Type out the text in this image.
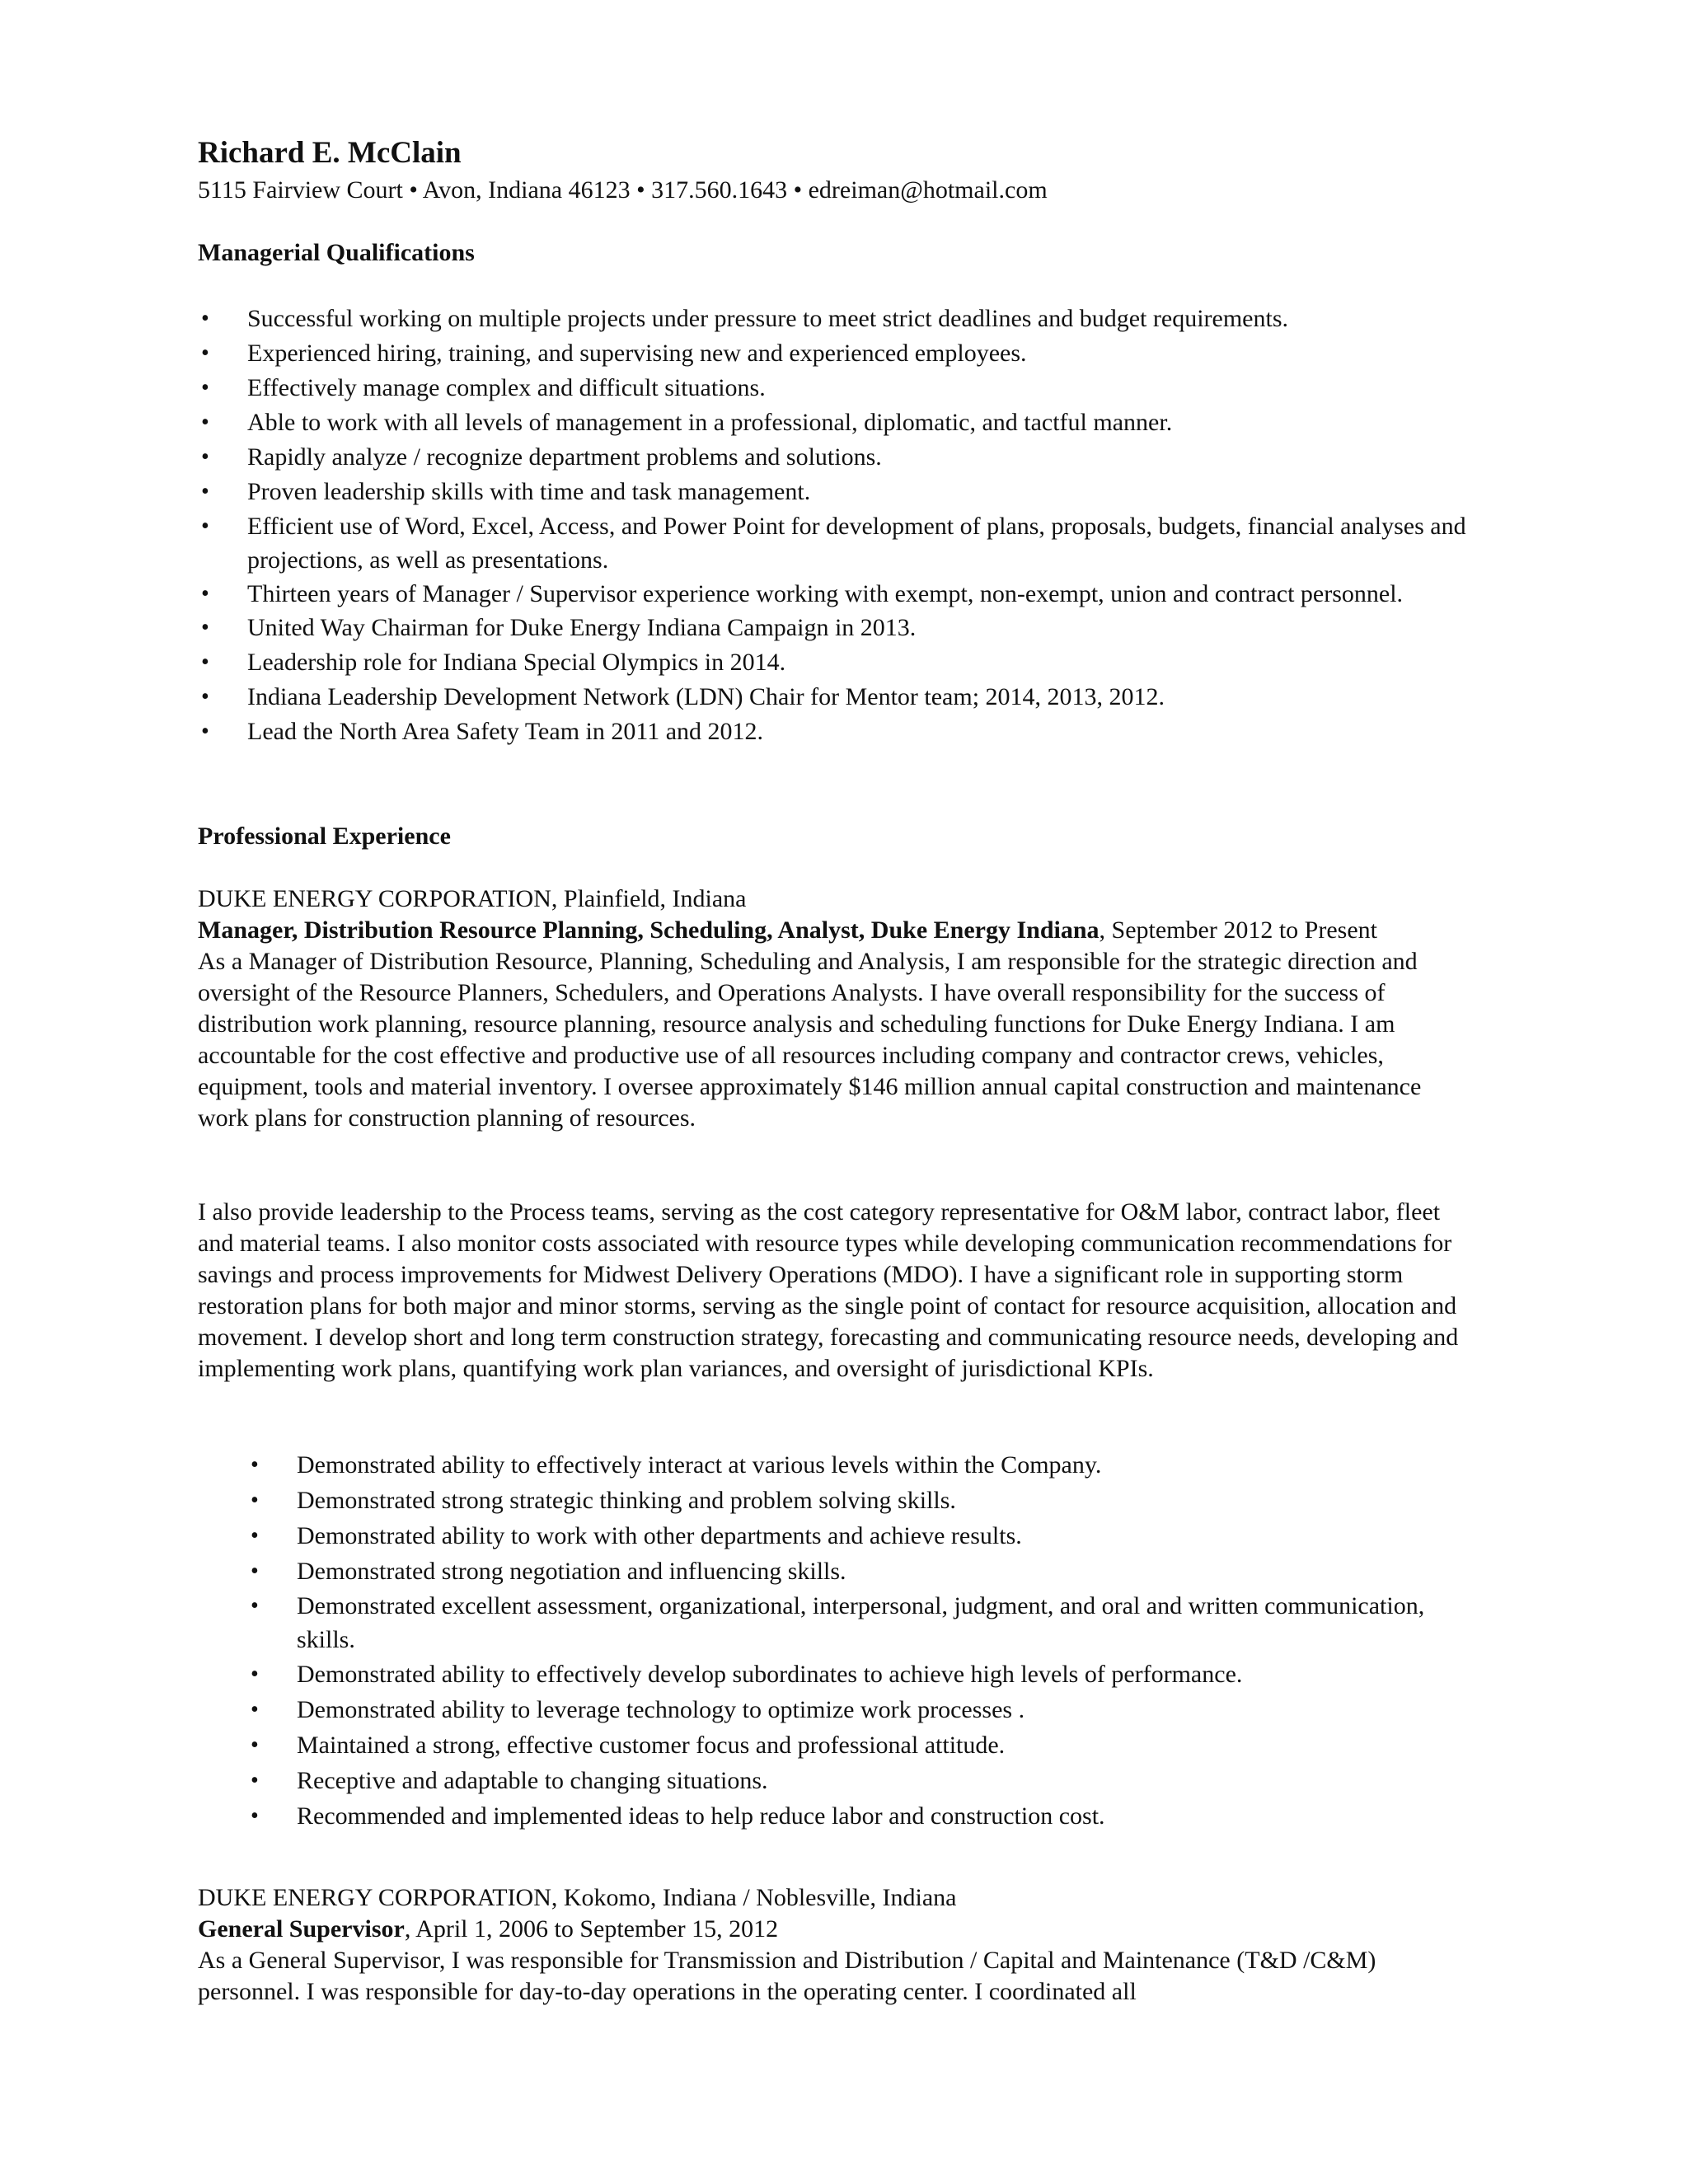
Richard E. McClain
5115 Fairview Court • Avon, Indiana 46123 • 317.560.1643 • edreiman@hotmail.com
Managerial Qualifications
• Successful working on multiple projects under pressure to meet strict deadlines and budget requirements.
• Experienced hiring, training, and supervising new and experienced employees.
• Effectively manage complex and difficult situations.
• Able to work with all levels of management in a professional, diplomatic, and tactful manner.
• Rapidly analyze / recognize department problems and solutions.
• Proven leadership skills with time and task management.
• Efficient use of Word, Excel, Access, and Power Point for development of plans, proposals, budgets, financial analyses and projections, as well as presentations.
• Thirteen years of Manager / Supervisor experience working with exempt, non-exempt, union and contract personnel.
• United Way Chairman for Duke Energy Indiana Campaign in 2013.
• Leadership role for Indiana Special Olympics in 2014.
• Indiana Leadership Development Network (LDN) Chair for Mentor team; 2014, 2013, 2012.
• Lead the North Area Safety Team in 2011 and 2012.
Professional Experience

DUKE ENERGY CORPORATION, Plainfield, Indiana

Manager, Distribution Resource Planning, Scheduling, Analyst, Duke Energy Indiana, September 2012 to Present

As a Manager of Distribution Resource, Planning, Scheduling and Analysis, I am responsible for the strategic direction and oversight of the Resource Planners, Schedulers, and Operations Analysts. I have overall responsibility for the success of distribution work planning, resource planning, resource analysis and scheduling functions for Duke Energy Indiana. I am accountable for the cost effective and productive use of all resources including company and contractor crews, vehicles, equipment, tools and material inventory. I oversee approximately $146 million annual capital construction and maintenance work plans for construction planning of resources.

I also provide leadership to the Process teams, serving as the cost category representative for O&M labor, contract labor, fleet and material teams. I also monitor costs associated with resource types while developing communication recommendations for savings and process improvements for Midwest Delivery Operations (MDO). I have a significant role in supporting storm restoration plans for both major and minor storms, serving as the single point of contact for resource acquisition, allocation and movement. I develop short and long term construction strategy, forecasting and communicating resource needs, developing and implementing work plans, quantifying work plan variances, and oversight of jurisdictional KPIs.
• Demonstrated ability to effectively interact at various levels within the Company.
• Demonstrated strong strategic thinking and problem solving skills.
• Demonstrated ability to work with other departments and achieve results.
• Demonstrated strong negotiation and influencing skills.
• Demonstrated excellent assessment, organizational, interpersonal, judgment, and oral and written communication, skills.
• Demonstrated ability to effectively develop subordinates to achieve high levels of performance.
• Demonstrated ability to leverage technology to optimize work processes .
• Maintained a strong, effective customer focus and professional attitude.
• Receptive and adaptable to changing situations.
• Recommended and implemented ideas to help reduce labor and construction cost.

DUKE ENERGY CORPORATION, Kokomo, Indiana / Noblesville, Indiana

General Supervisor, April 1, 2006 to September 15, 2012

As a General Supervisor, I was responsible for Transmission and Distribution / Capital and Maintenance (T&D /C&M) personnel. I was responsible for day-to-day operations in the operating center. I coordinated all
